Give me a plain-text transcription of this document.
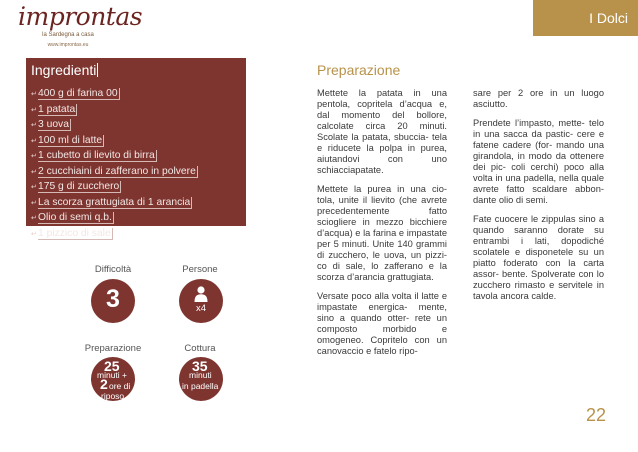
improntas
la Sardegna a casa
www.improntas.eu
I Dolci
Ingredienti
↵400 g di farina 00
↵1 patata
↵3 uova
↵100 ml di latte
↵1 cubetto di lievito di birra
↵2 cucchiaini di zafferano in polvere
↵175 g di zucchero
↵La scorza grattugiata di 1 arancia
↵Olio di semi q.b.
↵1 pizzico di sale
Difficoltà
3
Persone
x4
Preparazione
25
minuti +
2 ore di
riposo
Cottura
35
minuti
in padella
Preparazione

Mettete la patata in una pentola, copritela d’acqua e, dal momento del bollore, calcolate circa 20 minuti. Scolate la patata, sbuccia- tela e riducete la polpa in purea, aiutandovi con uno schiacciapatate.

Mettete la purea in una cio- tola, unite il lievito (che avrete precedentemente fatto sciogliere in mezzo bicchiere d’acqua) e la farina e impastate per 5 minuti. Unite 140 grammi di zucchero, le uova, un pizzi- co di sale, lo zafferano e la scorza d’arancia grattugiata.

Versate poco alla volta il latte e impastate energica- mente, sino a quando otter- rete un composto morbido e omogeneo. Copritelo con un canovaccio e fatelo ripo-

sare per 2 ore in un luogo asciutto.

Prendete l’impasto, mette- telo in una sacca da pastic- cere e fatene cadere (for- mando una girandola, in modo da ottenere dei pic- coli cerchi) poco alla volta in una padella, nella quale avrete fatto scaldare abbon- dante olio di semi.

Fate cuocere le zippulas sino a quando saranno dorate su entrambi i lati, dopodiché scolatele e disponetele su un piatto foderato con la carta assor- bente. Spolverate con lo zucchero rimasto e servitele in tavola ancora calde.

22
